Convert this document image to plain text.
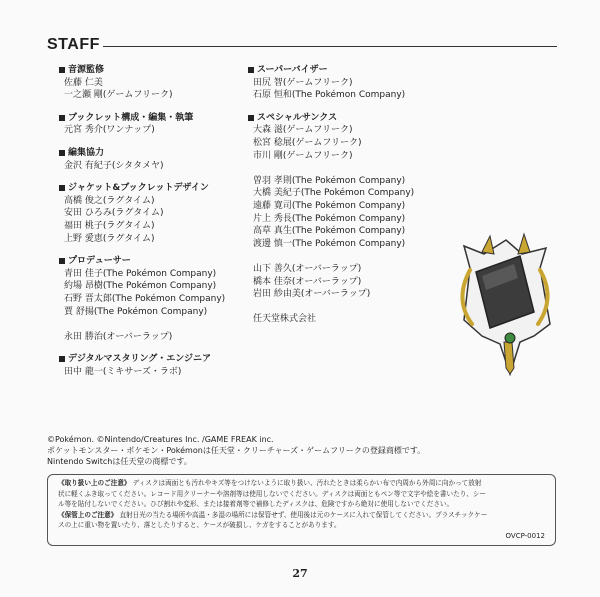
STAFF
音源監修
佐藤 仁美
一之瀬 剛(ゲームフリーク)
ブックレット構成・編集・執筆
元宮 秀介(ワンナップ)
編集協力
金沢 有紀子(シタタメヤ)
ジャケット&ブックレットデザイン
高橋 俊之(ラグタイム)
安田 ひろみ(ラグタイム)
福田 桃子(ラグタイム)
上野 愛恵(ラグタイム)
プロデューサー
青田 佳子(The Pokémon Company)
約場 昂樹(The Pokémon Company)
石野 晋太郎(The Pokémon Company)
賈 舒揚(The Pokémon Company)

永田 勝治(オーバーラップ)
デジタルマスタリング・エンジニア
田中 龍一(ミキサーズ・ラボ)
スーパーバイザー
田尻 智(ゲームフリーク)
石原 恒和(The Pokémon Company)
スペシャルサンクス
大森 滋(ゲームフリーク)
松宮 稔展(ゲームフリーク)
市川 剛(ゲームフリーク)

曽羽 孝則(The Pokémon Company)
大橋 美紀子(The Pokémon Company)
遠藤 寛司(The Pokémon Company)
片上 秀長(The Pokémon Company)
高草 真生(The Pokémon Company)
渡邊 慎一(The Pokémon Company)

山下 善久(オーバーラップ)
橋本 佳奈(オーバーラップ)
岩田 紗由美(オーバーラップ)

任天堂株式会社
©Pokémon. ©Nintendo/Creatures Inc. /GAME FREAK inc.
ポケットモンスター・ポケモン・Pokémonは任天堂・クリーチャーズ・ゲームフリークの登録商標です。
Nintendo Switchは任天堂の商標です。

《取り扱い上のご注意》 ディスクは両面とも汚れやキズ等をつけないように取り扱い、汚れたときは柔らかい布で内周から外周に向かって放射

状に軽くふき取ってください。レコード用クリーナーや溶剤等は使用しないでください。ディスクは両面ともペン等で文字や絵を書いたり、シー

ル等を貼付しないでください。ひび割れや変形、または接着剤等で補修したディスクは、危険ですから絶対に使用しないでください。

《保管上のご注意》 直射日光の当たる場所や高温・多湿の場所には保管せず、使用後は元のケースに入れて保管してください。プラスチックケー

スの上に重い物を置いたり、落としたりすると、ケースが破損し、ケガをすることがあります。

OVCP-0012
27
